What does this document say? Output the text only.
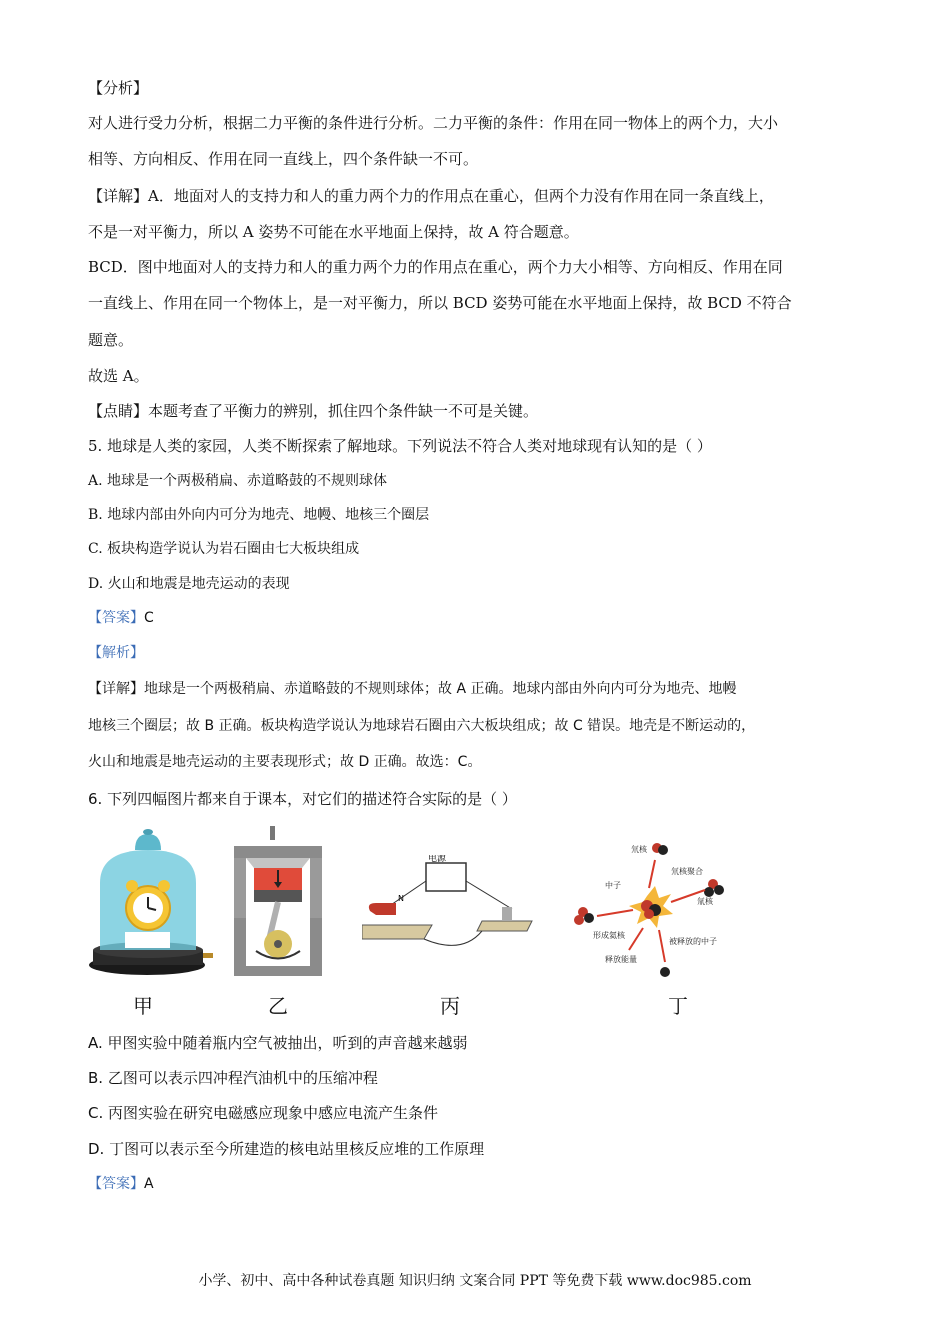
【分析】
对人进行受力分析，根据二力平衡的条件进行分析。二力平衡的条件：作用在同一物体上的两个力，大小
相等、方向相反、作用在同一直线上，四个条件缺一不可。
【详解】A．地面对人的支持力和人的重力两个力的作用点在重心，但两个力没有作用在同一条直线上，
不是一对平衡力，所以 A 姿势不可能在水平地面上保持，故 A 符合题意。
BCD．图中地面对人的支持力和人的重力两个力的作用点在重心，两个力大小相等、方向相反、作用在同
一直线上、作用在同一个物体上，是一对平衡力，所以 BCD 姿势可能在水平地面上保持，故 BCD 不符合
题意。
故选 A。
【点睛】本题考查了平衡力的辨别，抓住四个条件缺一不可是关键。
5. 地球是人类的家园，人类不断探索了解地球。下列说法不符合人类对地球现有认知的是（ ）
A. 地球是一个两极稍扁、赤道略鼓的不规则球体
B. 地球内部由外向内可分为地壳、地幔、地核三个圈层
C. 板块构造学说认为岩石圈由七大板块组成
D. 火山和地震是地壳运动的表现
【答案】C
【解析】
【详解】地球是一个两极稍扁、赤道略鼓的不规则球体；故 A 正确。地球内部由外向内可分为地壳、地幔
地核三个圈层；故 B 正确。板块构造学说认为地球岩石圈由六大板块组成；故 C 错误。地壳是不断运动的，
火山和地震是地壳运动的主要表现形式；故 D 正确。故选：C。
6. 下列四幅图片都来自于课本，对它们的描述符合实际的是（ ）
电源
N
氘核
氘核聚合
中子
氚核
形成氦核
被释放的中子
释放能量
甲	乙	丙	丁
A. 甲图实验中随着瓶内空气被抽出，听到的声音越来越弱
B. 乙图可以表示四冲程汽油机中的压缩冲程
C. 丙图实验在研究电磁感应现象中感应电流产生条件
D. 丁图可以表示至今所建造的核电站里核反应堆的工作原理
【答案】A
小学、初中、高中各种试卷真题 知识归纳 文案合同 PPT 等免费下载 www.doc985.com
